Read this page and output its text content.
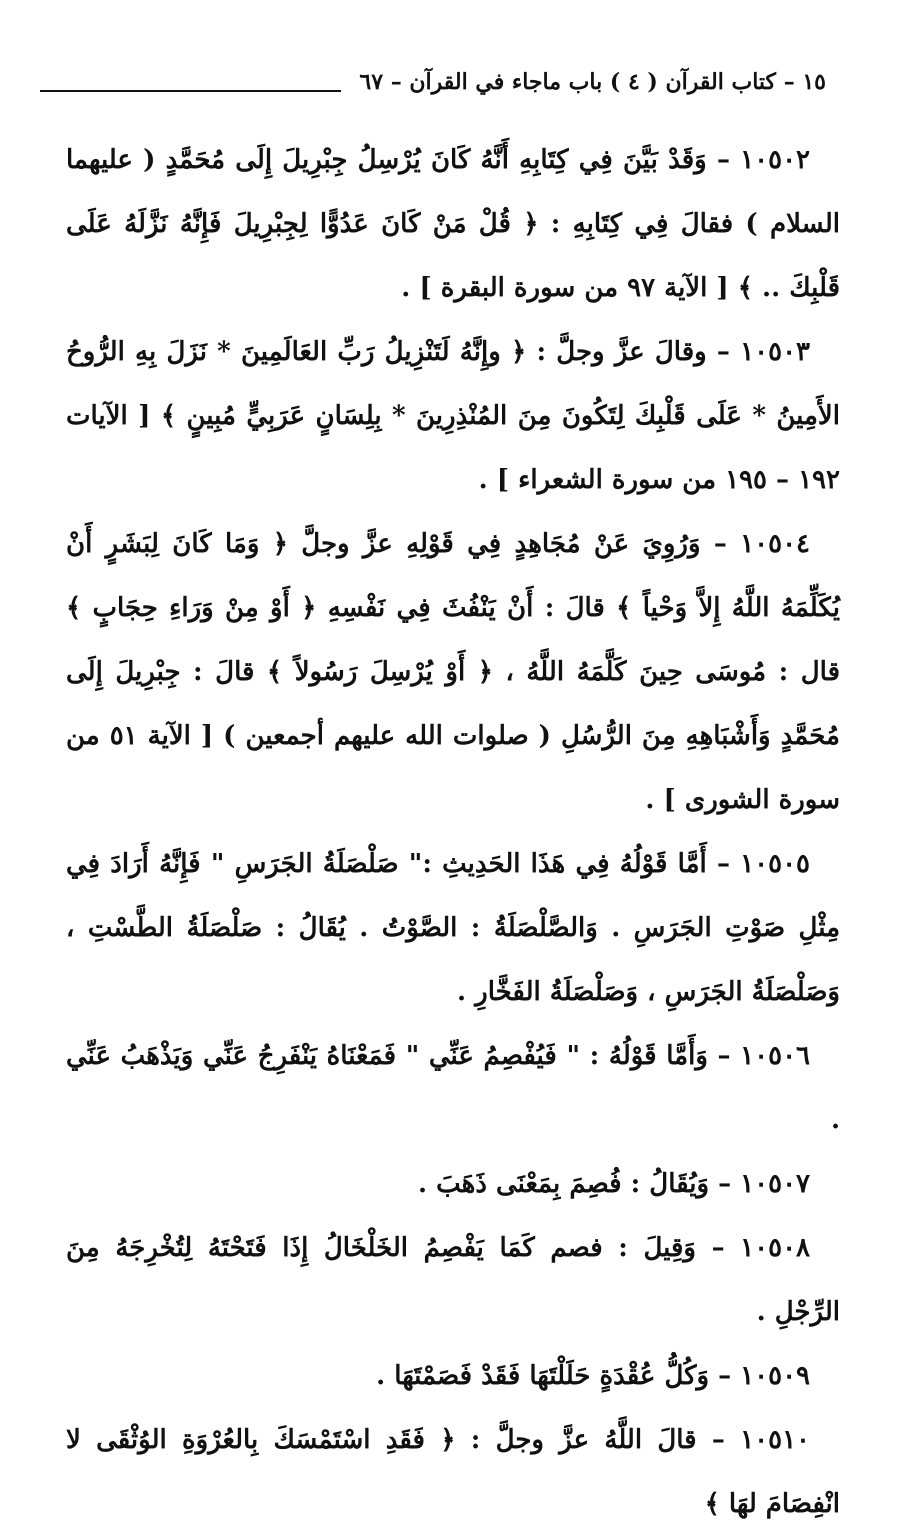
١٥ – كتاب القرآن ( ٤ ) باب ماجاء في القرآن – ٦٧

١٠٥٠٢ – وَقَدْ بَيَّنَ فِي كِتَابِهِ أَنَّهُ كَانَ يُرْسِلُ جِبْرِيلَ إِلَى مُحَمَّدٍ ( عليهما السلام ) فقالَ فِي كِتَابِهِ : ﴿ قُلْ مَنْ كَانَ عَدُوًّا لِجِبْرِيلَ فَإِنَّهُ نَزَّلَهُ عَلَى قَلْبِكَ .. ﴾ [ الآية ٩٧ من سورة البقرة ] .

١٠٥٠٣ – وقالَ عزَّ وجلَّ : ﴿ وإِنَّهُ لَتَنْزِيلُ رَبِّ العَالَمِينَ * نَزَلَ بِهِ الرُّوحُ الأَمِينُ * عَلَى قَلْبِكَ لِتَكُونَ مِنَ المُنْذِرِينَ * بِلِسَانٍ عَرَبِيٍّ مُبِينٍ ﴾ [ الآيات ١٩٢ – ١٩٥ من سورة الشعراء ] .

١٠٥٠٤ – وَرُوِيَ عَنْ مُجَاهِدٍ فِي قَوْلِهِ عزَّ وجلَّ ﴿ وَمَا كَانَ لِبَشَرٍ أَنْ يُكَلِّمَهُ اللَّهُ إِلاَّ وَحْياً ﴾ قالَ : أَنْ يَنْفُثَ فِي نَفْسِهِ ﴿ أَوْ مِنْ وَرَاءِ حِجَابٍ ﴾ قال : مُوسَى حِينَ كَلَّمَهُ اللَّهُ ، ﴿ أَوْ يُرْسِلَ رَسُولاً ﴾ قالَ : جِبْرِيلَ إِلَى مُحَمَّدٍ وَأَشْبَاهِهِ مِنَ الرُّسُلِ ( صلوات الله عليهم أجمعين ) [ الآية ٥١ من سورة الشورى ] .

١٠٥٠٥ – أَمَّا قَوْلُهُ فِي هَذَا الحَدِيثِ :" صَلْصَلَةُ الجَرَسِ " فَإِنَّهُ أَرَادَ فِي مِثْلِ صَوْتِ الجَرَسِ . وَالصَّلْصَلَةُ : الصَّوْتُ . يُقَالُ : صَلْصَلَةُ الطَّسْتِ ، وَصَلْصَلَةُ الجَرَسِ ، وَصَلْصَلَةُ الفَخَّارِ .

١٠٥٠٦ – وَأَمَّا قَوْلُهُ : " فَيُفْصِمُ عَنِّي " فَمَعْنَاهُ يَنْفَرِجُ عَنِّي وَيَذْهَبُ عَنِّي .

١٠٥٠٧ – وَيُقَالُ : فُصِمَ بِمَعْنَى ذَهَبَ .

١٠٥٠٨ – وَقِيلَ : فصم كَمَا يَفْصِمُ الخَلْخَالُ إِذَا فَتَحْتَهُ لِتُخْرِجَهُ مِنَ الرِّجْلِ .

١٠٥٠٩ – وَكُلُّ عُقْدَةٍ حَلَلْتَهَا فَقَدْ فَصَمْتَهَا .

١٠٥١٠ – قالَ اللَّهُ عزَّ وجلَّ : ﴿ فَقَدِ اسْتَمْسَكَ بِالعُرْوَةِ الوُثْقَى لا انْفِصَامَ لهَا ﴾
